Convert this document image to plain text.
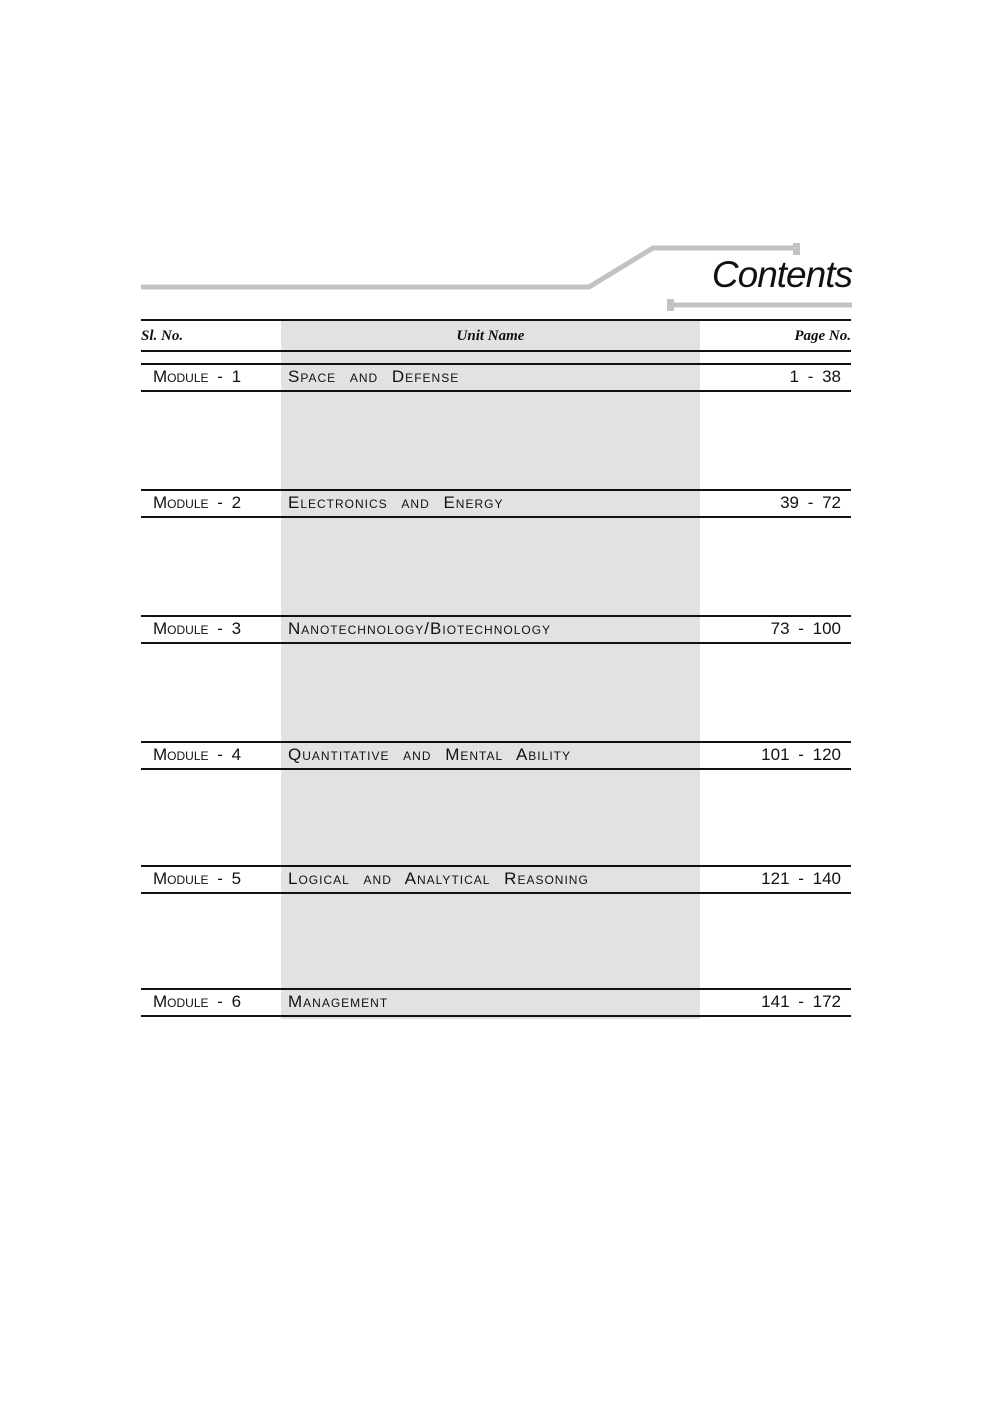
Contents
Sl. No.	Unit Name	Page No.
Module - 1	Space and Defense	1 - 38
Module - 2	Electronics and Energy	39 - 72
Module - 3	Nanotechnology/Biotechnology	73 - 100
Module - 4	Quantitative and Mental Ability	101 - 120
Module - 5	Logical and Analytical Reasoning	121 - 140
Module - 6	Management	141 - 172
